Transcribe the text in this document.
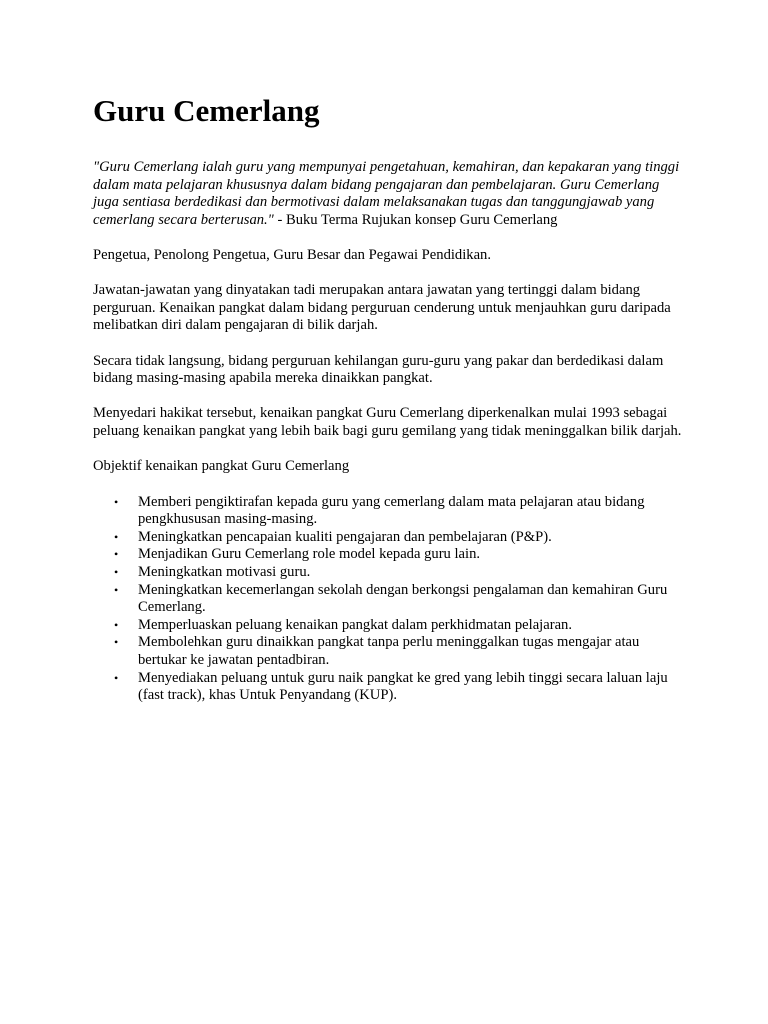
Guru Cemerlang

"Guru Cemerlang ialah guru yang mempunyai pengetahuan, kemahiran, dan kepakaran yang tinggi dalam mata pelajaran khususnya dalam bidang pengajaran dan pembelajaran. Guru Cemerlang juga sentiasa berdedikasi dan bermotivasi dalam melaksanakan tugas dan tanggungjawab yang cemerlang secara berterusan." - Buku Terma Rujukan konsep Guru Cemerlang

Pengetua, Penolong Pengetua, Guru Besar dan Pegawai Pendidikan.

Jawatan-jawatan yang dinyatakan tadi merupakan antara jawatan yang tertinggi dalam bidang perguruan. Kenaikan pangkat dalam bidang perguruan cenderung untuk menjauhkan guru daripada melibatkan diri dalam pengajaran di bilik darjah.

Secara tidak langsung, bidang perguruan kehilangan guru-guru yang pakar dan berdedikasi dalam bidang masing-masing apabila mereka dinaikkan pangkat.

Menyedari hakikat tersebut, kenaikan pangkat Guru Cemerlang diperkenalkan mulai 1993 sebagai peluang kenaikan pangkat yang lebih baik bagi guru gemilang yang tidak meninggalkan bilik darjah.

Objektif kenaikan pangkat Guru Cemerlang

• Memberi pengiktirafan kepada guru yang cemerlang dalam mata pelajaran atau bidang pengkhususan masing-masing.
• Meningkatkan pencapaian kualiti pengajaran dan pembelajaran (P&P).
• Menjadikan Guru Cemerlang role model kepada guru lain.
• Meningkatkan motivasi guru.
• Meningkatkan kecemerlangan sekolah dengan berkongsi pengalaman dan kemahiran Guru Cemerlang.
• Memperluaskan peluang kenaikan pangkat dalam perkhidmatan pelajaran.
• Membolehkan guru dinaikkan pangkat tanpa perlu meninggalkan tugas mengajar atau bertukar ke jawatan pentadbiran.
• Menyediakan peluang untuk guru naik pangkat ke gred yang lebih tinggi secara laluan laju (fast track), khas Untuk Penyandang (KUP).
